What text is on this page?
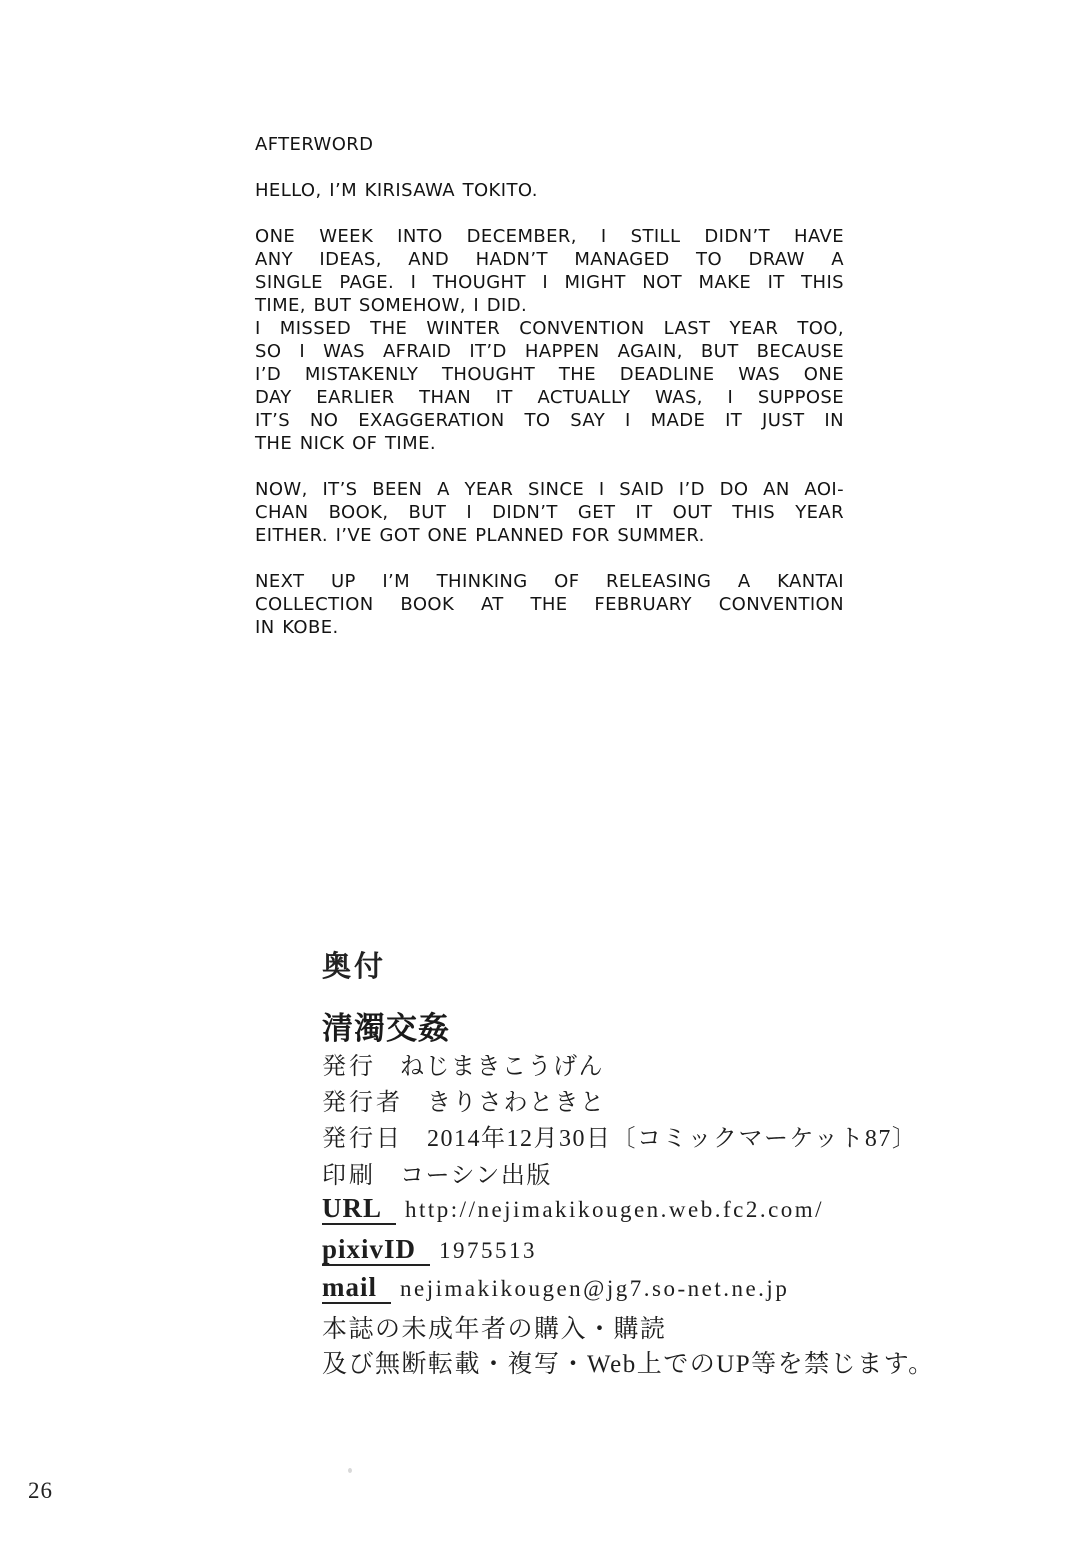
AFTERWORD
HELLO, I’M KIRISAWA TOKITO.
ONE WEEK INTO DECEMBER, I STILL DIDN’T HAVE
ANY IDEAS, AND HADN’T MANAGED TO DRAW A
SINGLE PAGE. I THOUGHT I MIGHT NOT MAKE IT THIS
TIME, BUT SOMEHOW, I DID.
I MISSED THE WINTER CONVENTION LAST YEAR TOO,
SO I WAS AFRAID IT’D HAPPEN AGAIN, BUT BECAUSE
I’D MISTAKENLY THOUGHT THE DEADLINE WAS ONE
DAY EARLIER THAN IT ACTUALLY WAS, I SUPPOSE
IT’S NO EXAGGERATION TO SAY I MADE IT JUST IN
THE NICK OF TIME.
NOW, IT’S BEEN A YEAR SINCE I SAID I’D DO AN AOI-
CHAN BOOK, BUT I DIDN’T GET IT OUT THIS YEAR
EITHER. I’VE GOT ONE PLANNED FOR SUMMER.
NEXT UP I’M THINKING OF RELEASING A KANTAI
COLLECTION BOOK AT THE FEBRUARY CONVENTION
IN KOBE.
奥付
清濁交姦
発行 ねじまきこうげん
発行者 きりさわときと
発行日 2014年12月30日〔コミックマーケット87〕
印刷 コーシン出版
URL http://nejimakikougen.web.fc2.com/
pixivID 1975513
mail nejimakikougen@jg7.so-net.ne.jp
本誌の未成年者の購入・購読
及び無断転載・複写・Web上でのUP等を禁じます。
26
